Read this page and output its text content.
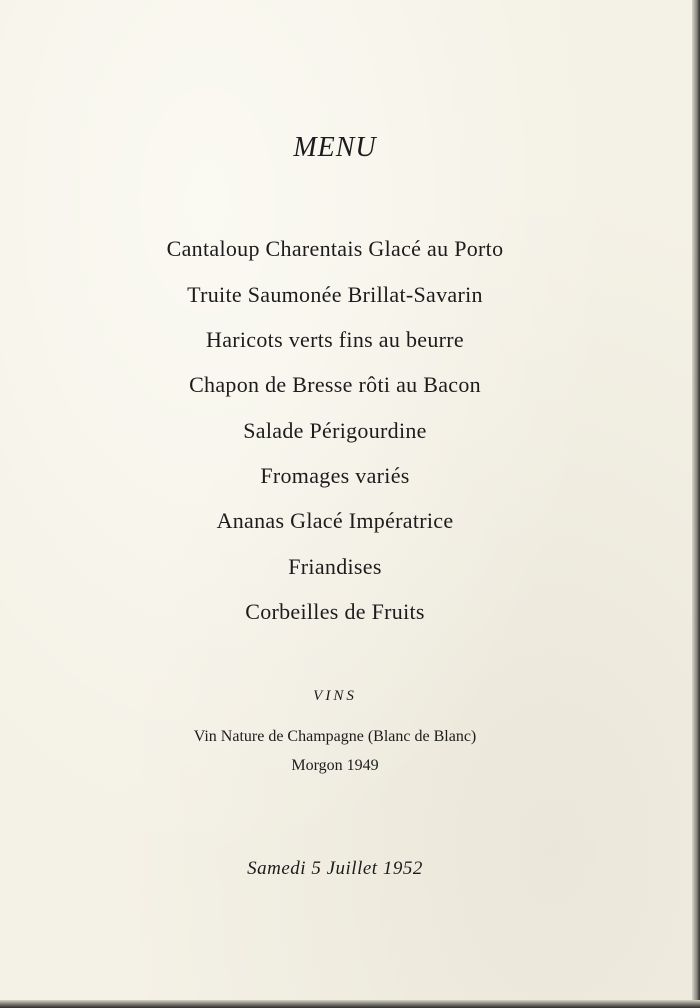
MENU
Cantaloup Charentais Glacé au Porto
Truite Saumonée Brillat-Savarin
Haricots verts fins au beurre
Chapon de Bresse rôti au Bacon
Salade Périgourdine
Fromages variés
Ananas Glacé Impératrice
Friandises
Corbeilles de Fruits
VINS
Vin Nature de Champagne (Blanc de Blanc)
Morgon 1949
Samedi 5 Juillet 1952
